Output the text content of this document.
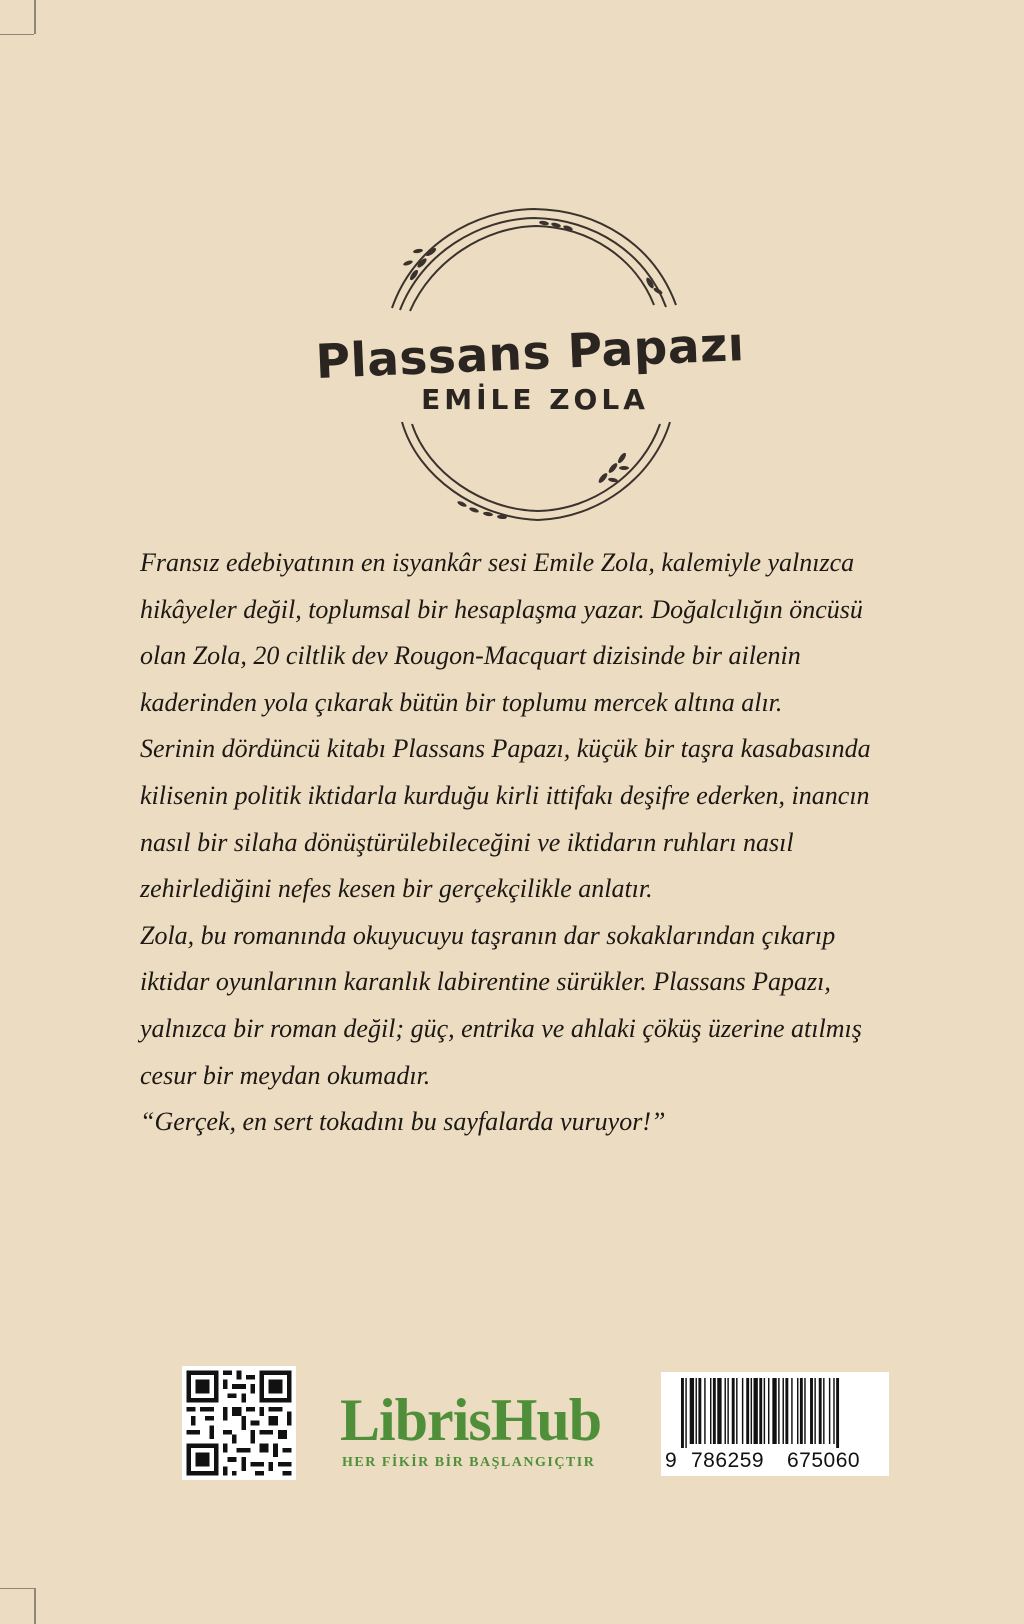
Plassans Papazı
EMİLE ZOLA

Fransız edebiyatının en isyankâr sesi Emile Zola, kalemiyle yalnızca

hikâyeler değil, toplumsal bir hesaplaşma yazar. Doğalcılığın öncüsü

olan Zola, 20 ciltlik dev Rougon-Macquart dizisinde bir ailenin

kaderinden yola çıkarak bütün bir toplumu mercek altına alır.

Serinin dördüncü kitabı Plassans Papazı, küçük bir taşra kasabasında

kilisenin politik iktidarla kurduğu kirli ittifakı deşifre ederken, inancın

nasıl bir silaha dönüştürülebileceğini ve iktidarın ruhları nasıl

zehirlediğini nefes kesen bir gerçekçilikle anlatır.

Zola, bu romanında okuyucuyu taşranın dar sokaklarından çıkarıp

iktidar oyunlarının karanlık labirentine sürükler. Plassans Papazı,

yalnızca bir roman değil; güç, entrika ve ahlaki çöküş üzerine atılmış

cesur bir meydan okumadır.

“Gerçek, en sert tokadını bu sayfalarda vuruyor!”

LibrisHub
HER FİKİR BİR BAŞLANGIÇTIR	9 786259 675060
